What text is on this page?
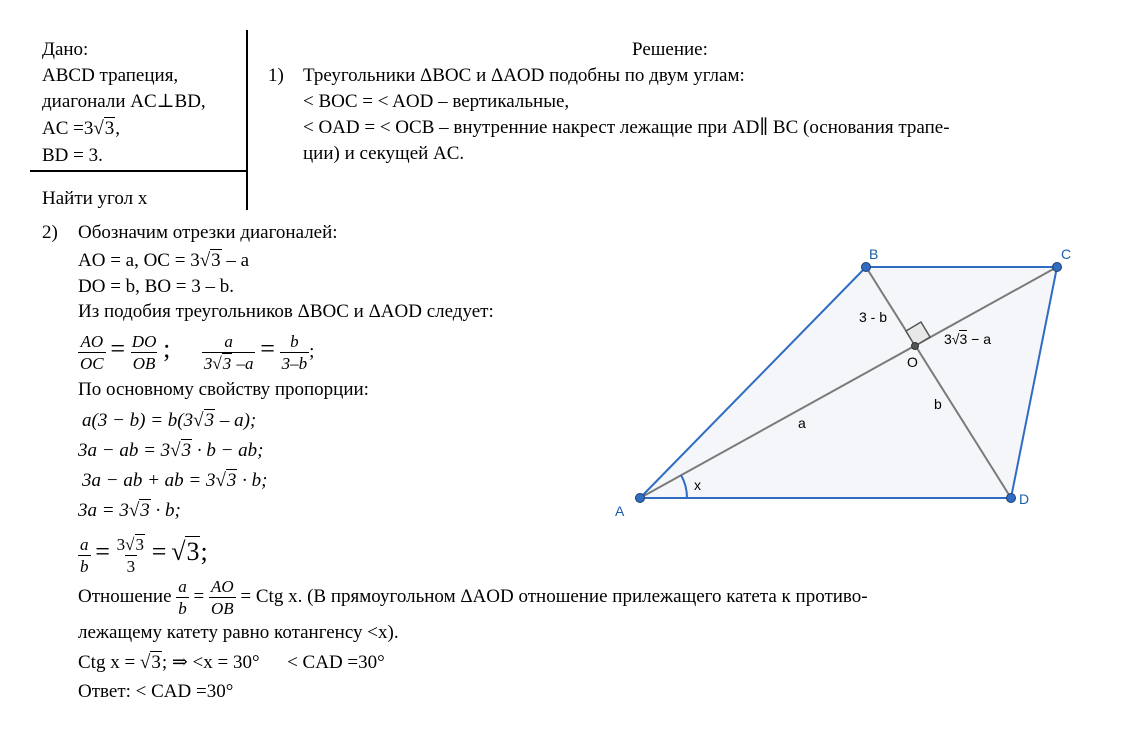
Дано:
ABCD трапеция,
диагонали AC⊥BD,
AC =3√3,
BD = 3.
Найти угол x
Решение:
1) Треугольники ΔBOC и ΔAOD подобны по двум углам:
< BOC = < AOD – вертикальные,
< OAD = < OCB – внутренние накрест лежащие при AD∥ BC (основания трапе-
ции) и секущей AC.
2) Обозначим отрезки диагоналей:
AO = a, OC = 3√3 – a
DO = b, BO = 3 – b.
Из подобия треугольников ΔBOC и ΔAOD следует:
$\frac{AO}{OC} = \frac{DO}{OB}$ ; $\frac{a}{3√3 -a} = \frac{b}{3-b}$ ;
По основному свойству пропорции:
a(3 − b) = b(3√3 – a);
3a − ab = 3√3 · b − ab;
3a − ab + ab = 3√3 · b;
3a = 3√3 · b;
$\frac{a}{b} = \frac{3√3}{3} = √3$;
Отношение $\frac{a}{b} = \frac{AO}{OB}$ = Ctg x. (В прямоугольном ΔAOD отношение прилежащего катета к противо-
лежащему катету равно котангенсу <x).
Ctg x = √3; ⇒ <x = 30° < CAD =30°
Ответ: < CAD =30°
B	C
A
D
O
3 - b
3√3 − a
a
b
x
